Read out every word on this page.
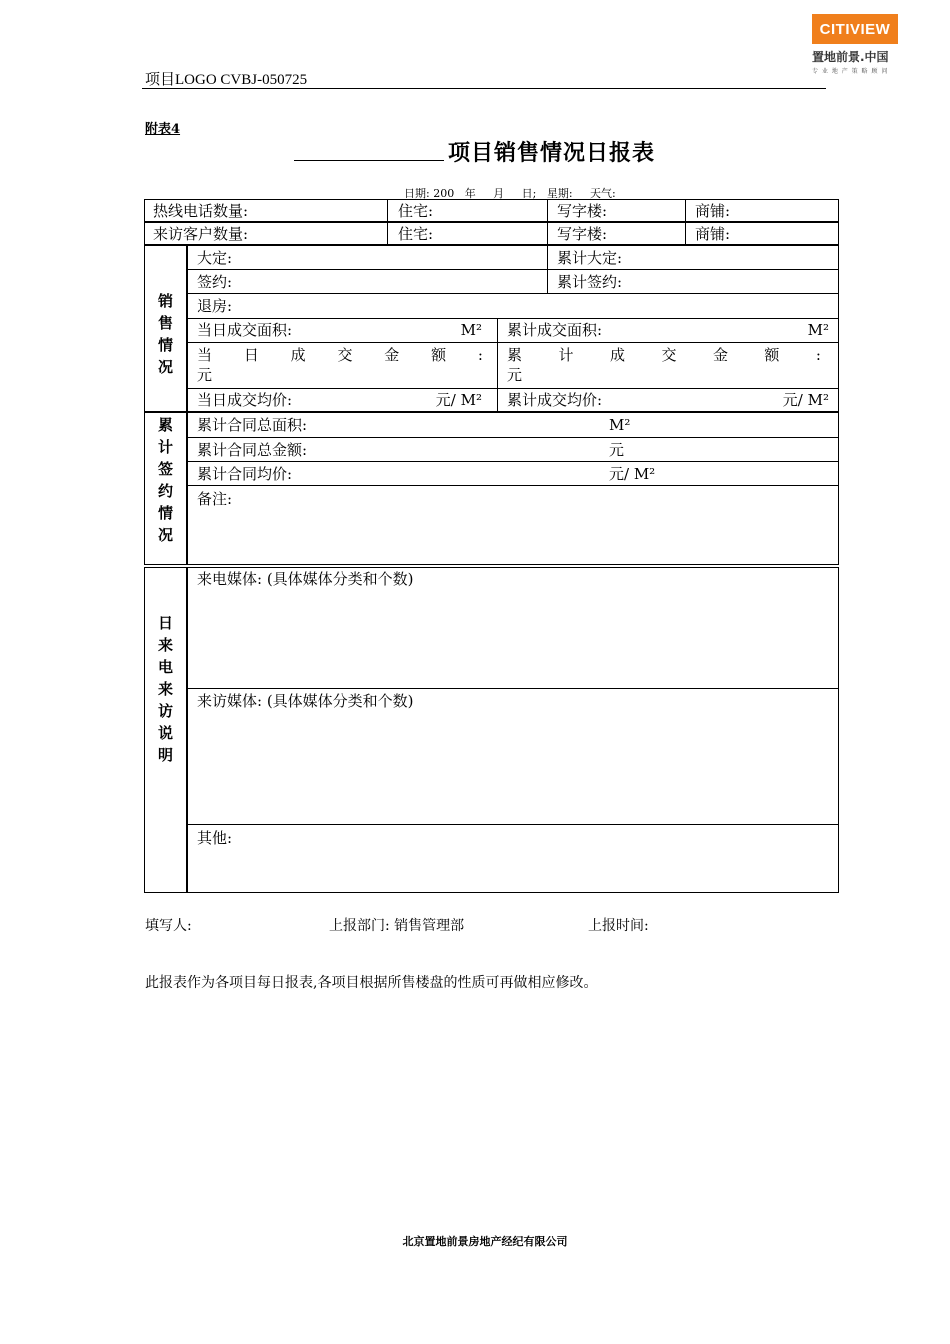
项目LOGO CVBJ-050725
CITIVIEW
置地前景.中国
专 业 地 产 策 略 顾 问
附表4
项目销售情况日报表
日期: 200   年     月     日;   星期:     天气:
热线电话数量:	住宅:	写字楼:	商铺:
来访客户数量:	住宅:	写字楼:	商铺:
销售情况
大定:	累计大定:
签约:	累计签约:
退房:
当日成交面积:	M² 累计成交面积:	M²
当 日 成 交 金 额 :
元
累 计 成 交 金 额 :
元
当日成交均价:	元/ M² 累计成交均价:	元/ M²
累计签约情况
累计合同总面积:	M²
累计合同总金额:	元
累计合同均价:	元/ M²
备注:
日来电来访说明
来电媒体: (具体媒体分类和个数)
来访媒体: (具体媒体分类和个数)
其他:
填写人:	上报部门: 销售管理部	上报时间:
此报表作为各项目每日报表,各项目根据所售楼盘的性质可再做相应修改。
北京置地前景房地产经纪有限公司
